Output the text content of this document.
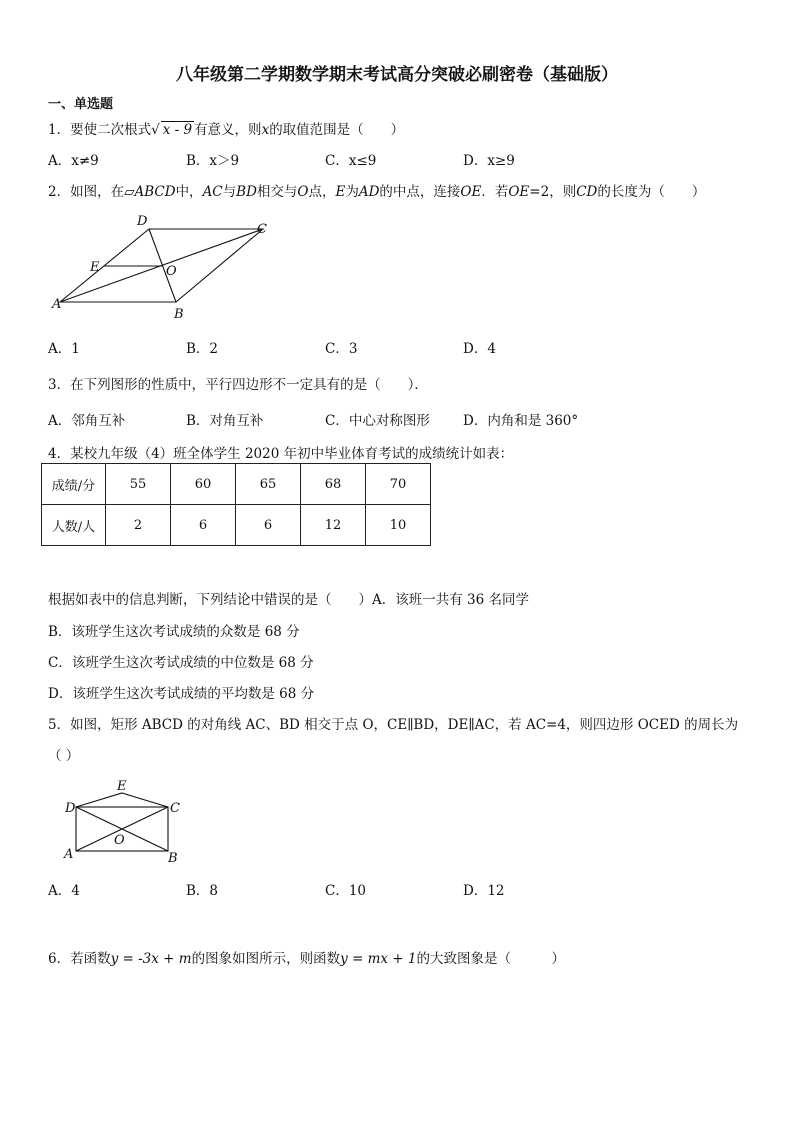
八年级第二学期数学期末考试高分突破必刷密卷（基础版）
一、单选题
1．要使二次根式√ x - 9 有意义，则x的取值范围是（　　）
A．x≠9	B．x＞9	C．x≤9	D．x≥9
2．如图，在▱ABCD中，AC与BD相交与O点，E为AD的中点，连接OE．若OE=2，则CD的长度为（　　）
D
C
E	O
A
B
A．1	B．2	C．3	D．4
3．在下列图形的性质中，平行四边形不一定具有的是（　　）．
A．邻角互补	B．对角互补	C．中心对称图形 D．内角和是 360°
4．某校九年级（4）班全体学生 2020 年初中毕业体育考试的成绩统计如表：
成绩/分	55	60	65	68	70
人数/人	2	6	6	12	10
根据如表中的信息判断，下列结论中错误的是（　　）A．该班一共有 36 名同学
B．该班学生这次考试成绩的众数是 68 分
C．该班学生这次考试成绩的中位数是 68 分
D．该班学生这次考试成绩的平均数是 68 分
5．如图，矩形 ABCD 的对角线 AC、BD 相交于点 O，CE∥BD，DE∥AC，若 AC=4，则四边形 OCED 的周长为
（ ）
E
D	C
O
A	B
A．4	B．8	C．10	D．12
6．若函数y = -3x + m的图象如图所示，则函数y = mx + 1的大致图象是（　　　）
